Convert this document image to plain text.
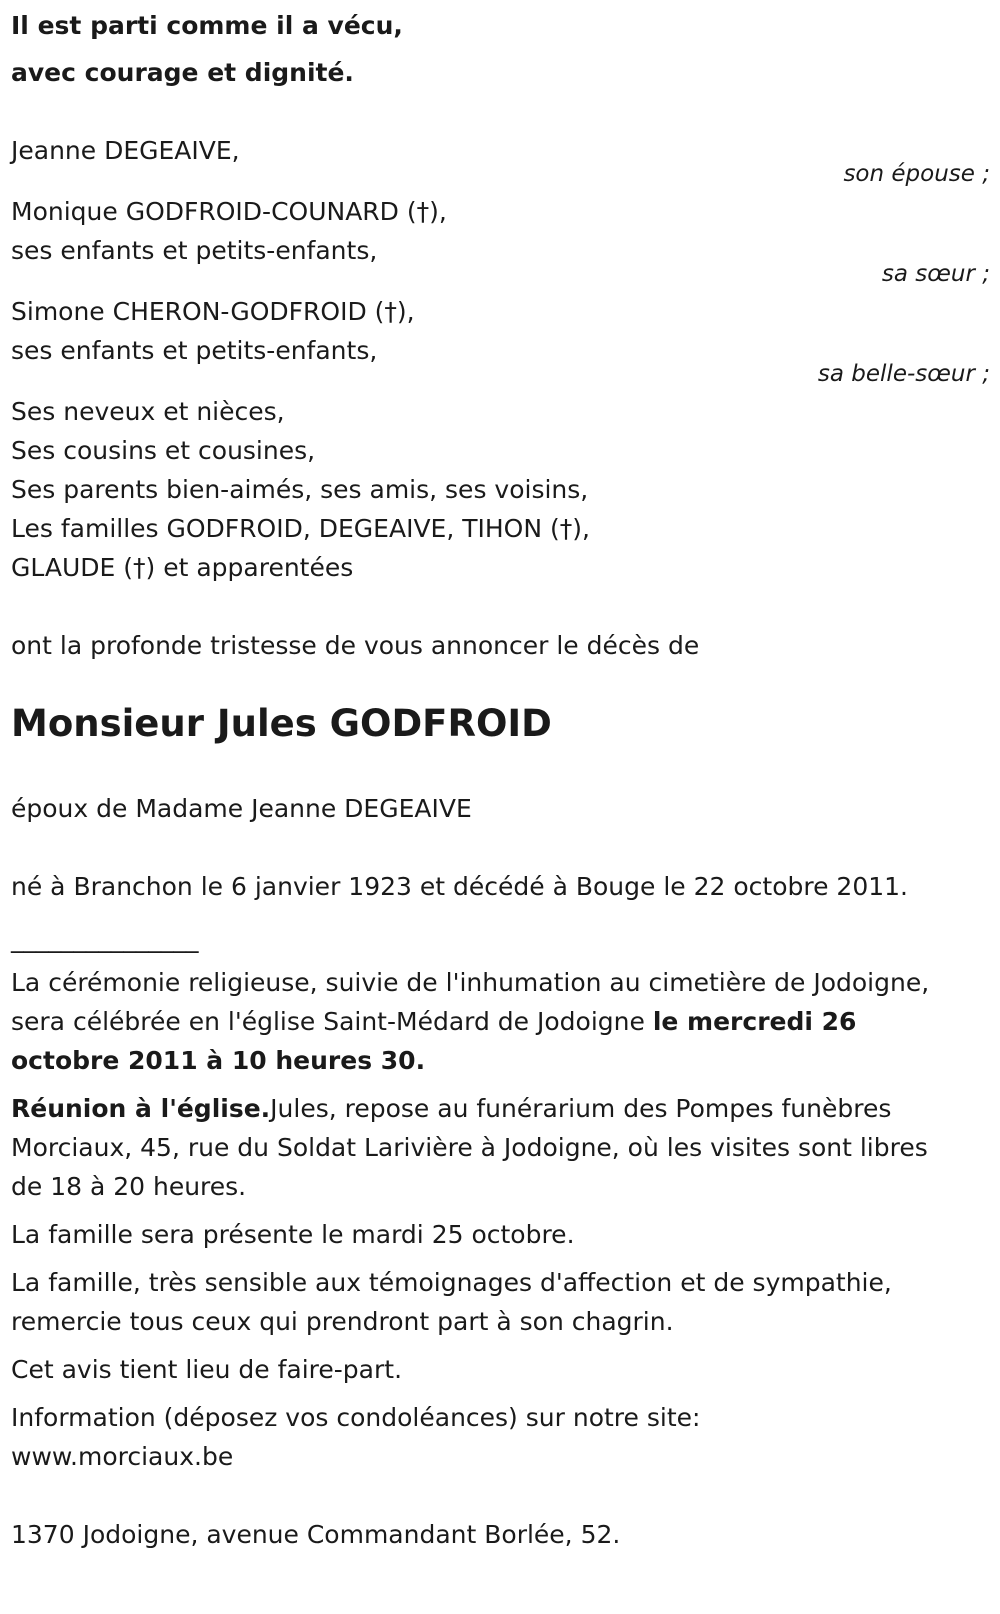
Il est parti comme il a vécu,
avec courage et dignité.
Jeanne DEGEAIVE,
son épouse ;
Monique GODFROID-COUNARD (†),
ses enfants et petits-enfants,
sa sœur ;
Simone CHERON-GODFROID (†),
ses enfants et petits-enfants,
sa belle-sœur ;
Ses neveux et nièces,
Ses cousins et cousines,
Ses parents bien-aimés, ses amis, ses voisins,
Les familles GODFROID, DEGEAIVE, TIHON (†),
GLAUDE (†) et apparentées
ont la profonde tristesse de vous annoncer le décès de
Monsieur Jules GODFROID
époux de Madame Jeanne DEGEAIVE
né à Branchon le 6 janvier 1923 et décédé à Bouge le 22 octobre 2011.
_______________
La cérémonie religieuse, suivie de l'inhumation au cimetière de Jodoigne,
sera célébrée en l'église Saint-Médard de Jodoigne le mercredi 26
octobre 2011 à 10 heures 30.
Réunion à l'église.Jules, repose au funérarium des Pompes funèbres
Morciaux, 45, rue du Soldat Larivière à Jodoigne, où les visites sont libres
de 18 à 20 heures.
La famille sera présente le mardi 25 octobre.
La famille, très sensible aux témoignages d'affection et de sympathie,
remercie tous ceux qui prendront part à son chagrin.
Cet avis tient lieu de faire-part.
Information (déposez vos condoléances) sur notre site:
www.morciaux.be
1370 Jodoigne, avenue Commandant Borlée, 52.
